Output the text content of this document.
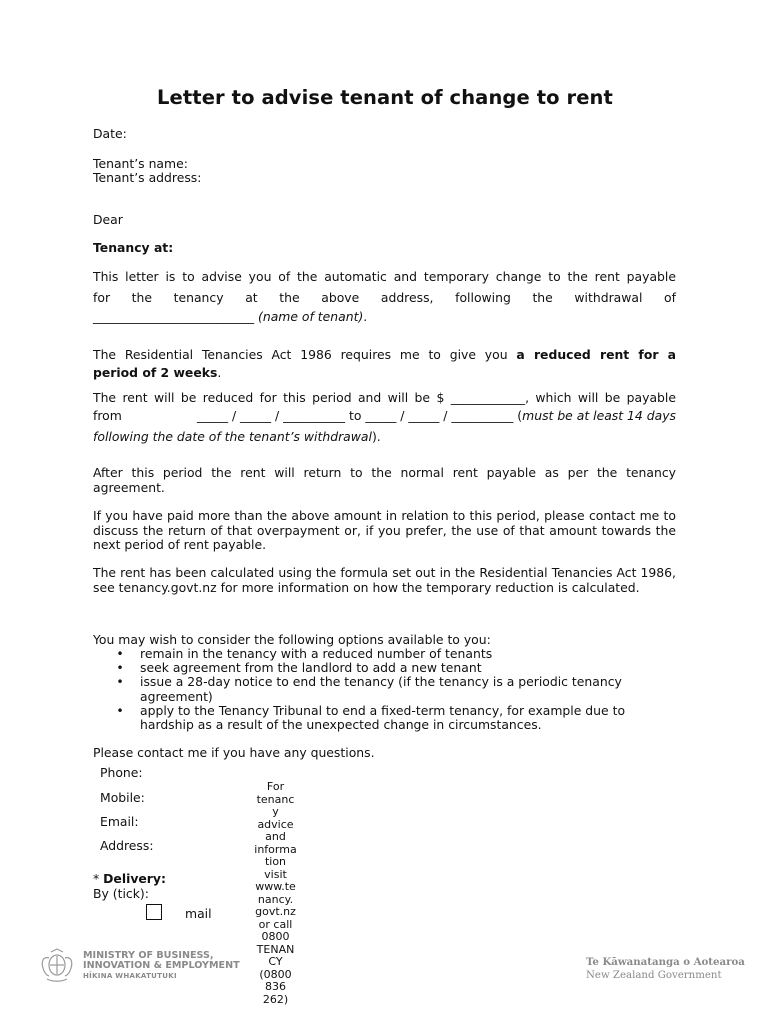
Letter to advise tenant of change to rent
Date:
Tenant’s name:
Tenant’s address:
Dear
Tenancy at:
This letter is to advise you of the automatic and temporary change to the rent payable
for the tenancy at the above address, following the withdrawal of
__________________________ (name of tenant).
The Residential Tenancies Act 1986 requires me to give you a reduced rent for a
period of 2 weeks.
The rent will be reduced for this period and will be $ ____________, which will be payable
from	_____ / _____ / __________ to _____ / _____ / __________ (must be at least 14 days
following the date of the tenant’s withdrawal).
After this period the rent will return to the normal rent payable as per the tenancy agreement.
If you have paid more than the above amount in relation to this period, please contact me to discuss the return of that overpayment or, if you prefer, the use of that amount towards the next period of rent payable.
The rent has been calculated using the formula set out in the Residential Tenancies Act 1986, see tenancy.govt.nz for more information on how the temporary reduction is calculated.
You may wish to consider the following options available to you:
• remain in the tenancy with a reduced number of tenants
• seek agreement from the landlord to add a new tenant
• issue a 28-day notice to end the tenancy (if the tenancy is a periodic tenancy agreement)
• apply to the Tenancy Tribunal to end a fixed-term tenancy, for example due to hardship as a result of the unexpected change in circumstances.
Please contact me if you have any questions.
Phone:
Mobile:
Email:
Address:
* Delivery:
By (tick):
mail
For
tenanc
y
advice
and
informa
tion
visit
www.te
nancy.
govt.nz
or call
0800
TENAN
CY
(0800
836
262)
MINISTRY OF BUSINESS,
INNOVATION & EMPLOYMENT
HĪKINA WHAKATUTUKI
Te Kāwanatanga o Aotearoa
New Zealand Government
